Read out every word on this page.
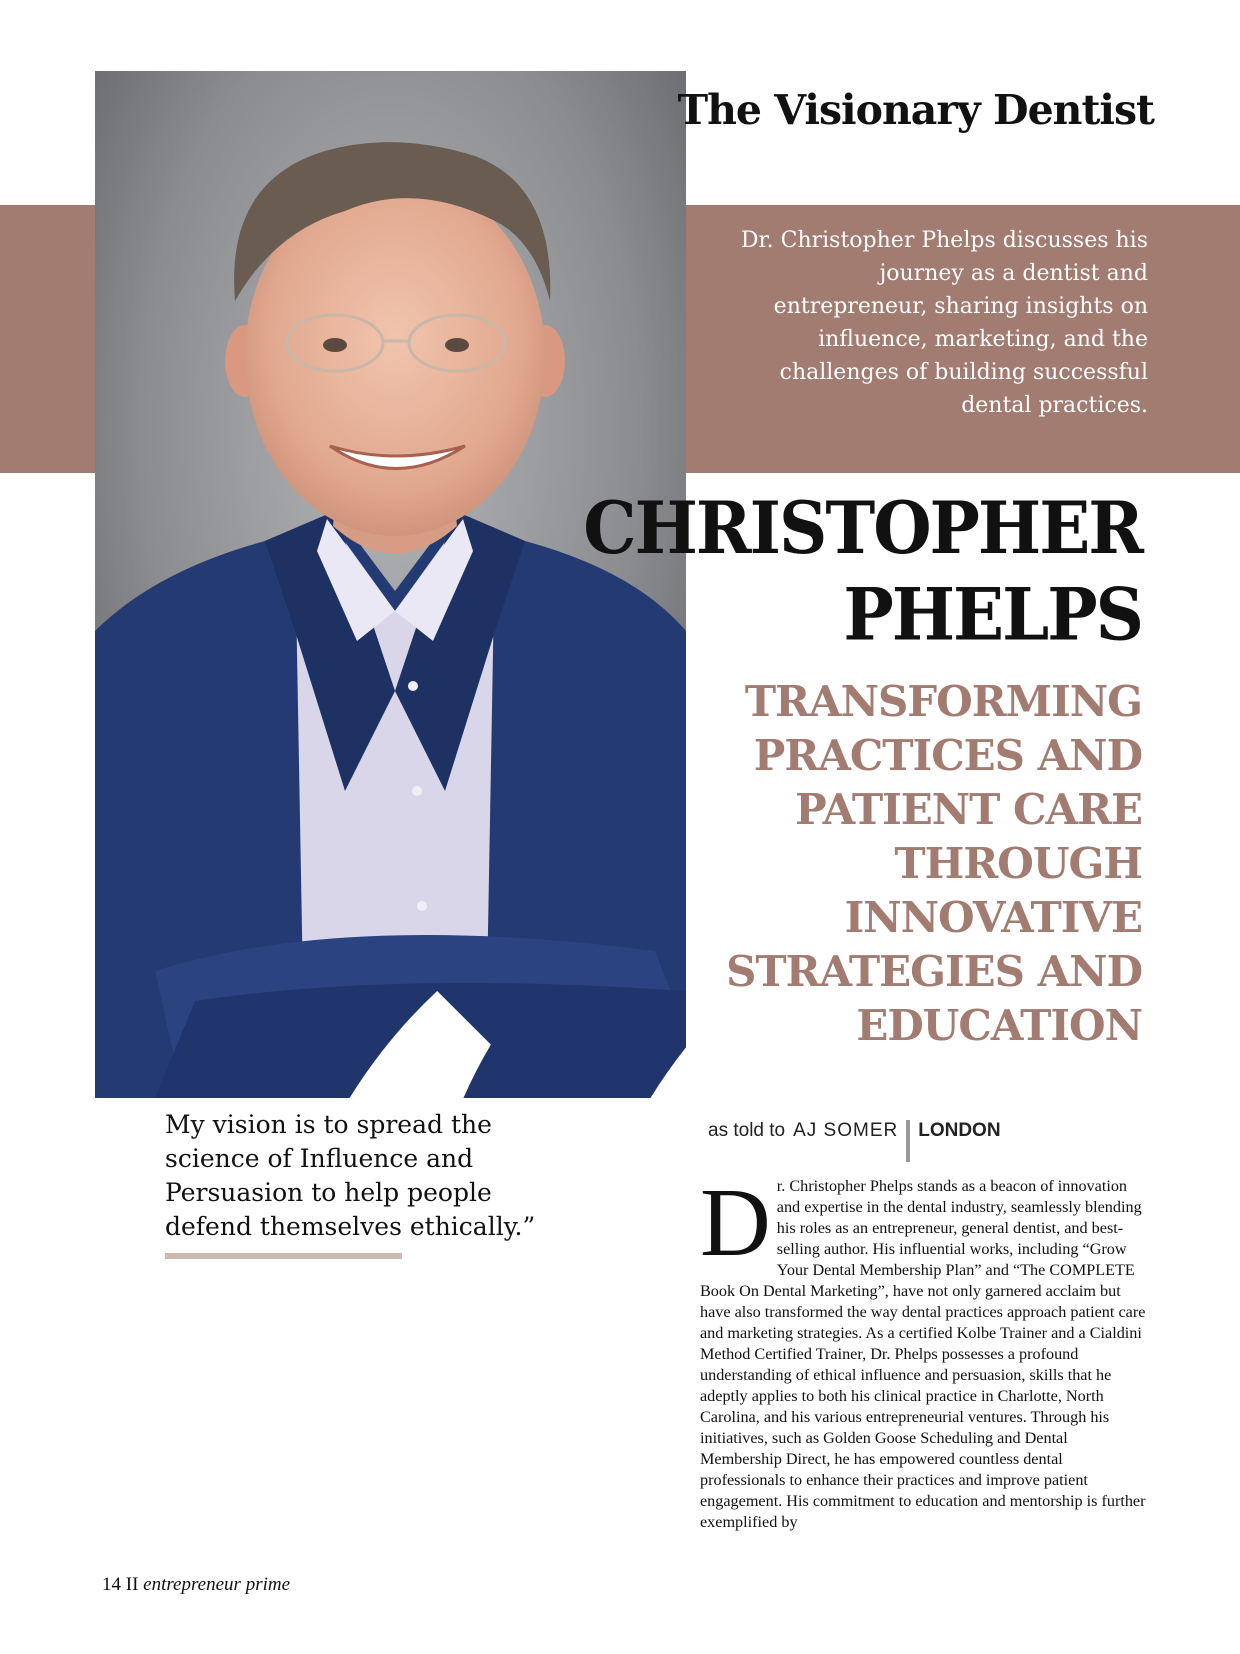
The Visionary Dentist

Dr. Christopher Phelps discusses his journey as a dentist and entrepreneur, sharing insights on influence, marketing, and the challenges of building successful dental practices.

CHRISTOPHER
PHELPS
TRANSFORMING
PRACTICES AND
PATIENT CARE
THROUGH
INNOVATIVE
STRATEGIES AND
EDUCATION

My vision is to spread the science of Influence and Persuasion to help people defend themselves ethically.”

as told to AJ SOMER LONDON

Dr. Christopher Phelps stands as a beacon of innovation and expertise in the dental industry, seamlessly blending his roles as an entrepreneur, general dentist, and best-selling author. His influential works, including “Grow Your Dental Membership Plan” and “The COMPLETE Book On Dental Marketing”, have not only garnered acclaim but have also transformed the way dental practices approach patient care and marketing strategies. As a certified Kolbe Trainer and a Cialdini Method Certified Trainer, Dr. Phelps possesses a profound understanding of ethical influence and persuasion, skills that he adeptly applies to both his clinical practice in Charlotte, North Carolina, and his various entrepreneurial ventures. Through his initiatives, such as Golden Goose Scheduling and Dental Membership Direct, he has empowered countless dental professionals to enhance their practices and improve patient engagement. His commitment to education and mentorship is further exemplified by

14 II entrepreneur prime
